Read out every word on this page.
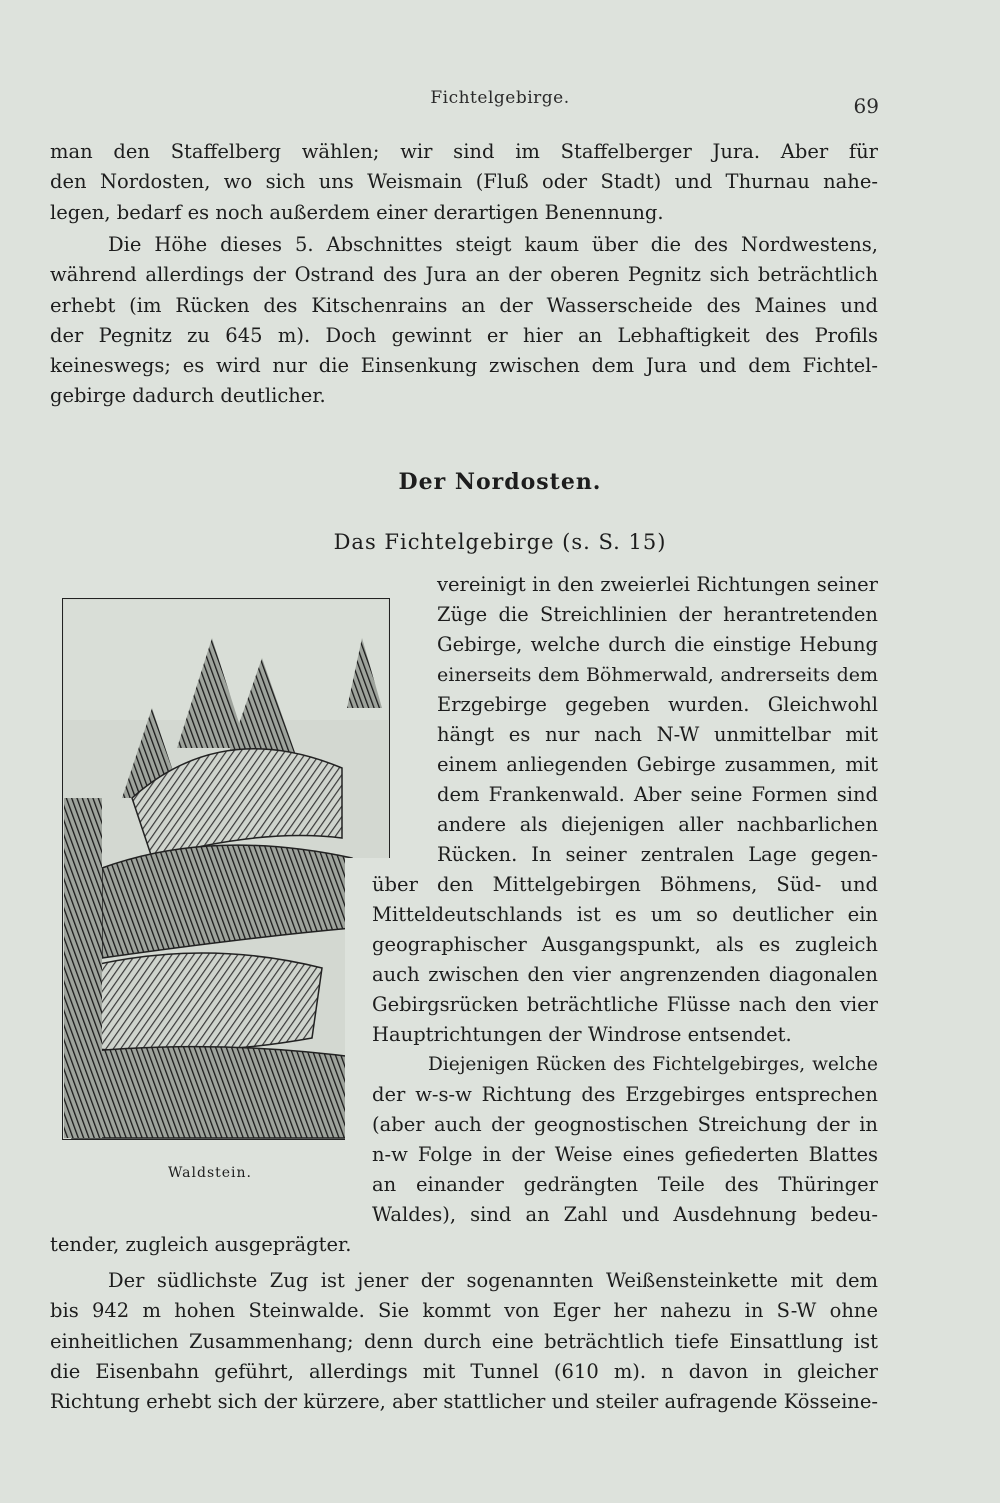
Fichtelgebirge.	69
man den Staffelberg wählen; wir sind im Staffelberger Jura. Aber für
den Nordosten, wo sich uns Weismain (Fluß oder Stadt) und Thurnau nahe-
legen, bedarf es noch außerdem einer derartigen Benennung.
Die Höhe dieses 5. Abschnittes steigt kaum über die des Nordwestens,
während allerdings der Ostrand des Jura an der oberen Pegnitz sich beträchtlich
erhebt (im Rücken des Kitschenrains an der Wasserscheide des Maines und
der Pegnitz zu 645 m). Doch gewinnt er hier an Lebhaftigkeit des Profils
keineswegs; es wird nur die Einsenkung zwischen dem Jura und dem Fichtel-
gebirge dadurch deutlicher.
Der Nordosten.
Das Fichtelgebirge (s. S. 15)
Waldstein.
vereinigt in den zweierlei Richtungen seiner
Züge die Streichlinien der herantretenden
Gebirge, welche durch die einstige Hebung
einerseits dem Böhmerwald, andrerseits dem
Erzgebirge gegeben wurden. Gleichwohl
hängt es nur nach N-W unmittelbar mit
einem anliegenden Gebirge zusammen, mit
dem Frankenwald. Aber seine Formen sind
andere als diejenigen aller nachbarlichen
Rücken. In seiner zentralen Lage gegen-
über den Mittelgebirgen Böhmens, Süd- und
Mitteldeutschlands ist es um so deutlicher ein
geographischer Ausgangspunkt, als es zugleich
auch zwischen den vier angrenzenden diagonalen
Gebirgsrücken beträchtliche Flüsse nach den vier
Hauptrichtungen der Windrose entsendet.
Diejenigen Rücken des Fichtelgebirges, welche
der w-s-w Richtung des Erzgebirges entsprechen
(aber auch der geognostischen Streichung der in
n-w Folge in der Weise eines gefiederten Blattes
an einander gedrängten Teile des Thüringer
Waldes), sind an Zahl und Ausdehnung bedeu-
tender, zugleich ausgeprägter.
Der südlichste Zug ist jener der sogenannten Weißensteinkette mit dem
bis 942 m hohen Steinwalde. Sie kommt von Eger her nahezu in S-W ohne
einheitlichen Zusammenhang; denn durch eine beträchtlich tiefe Einsattlung ist
die Eisenbahn geführt, allerdings mit Tunnel (610 m). n davon in gleicher
Richtung erhebt sich der kürzere, aber stattlicher und steiler aufragende Kösseine-
